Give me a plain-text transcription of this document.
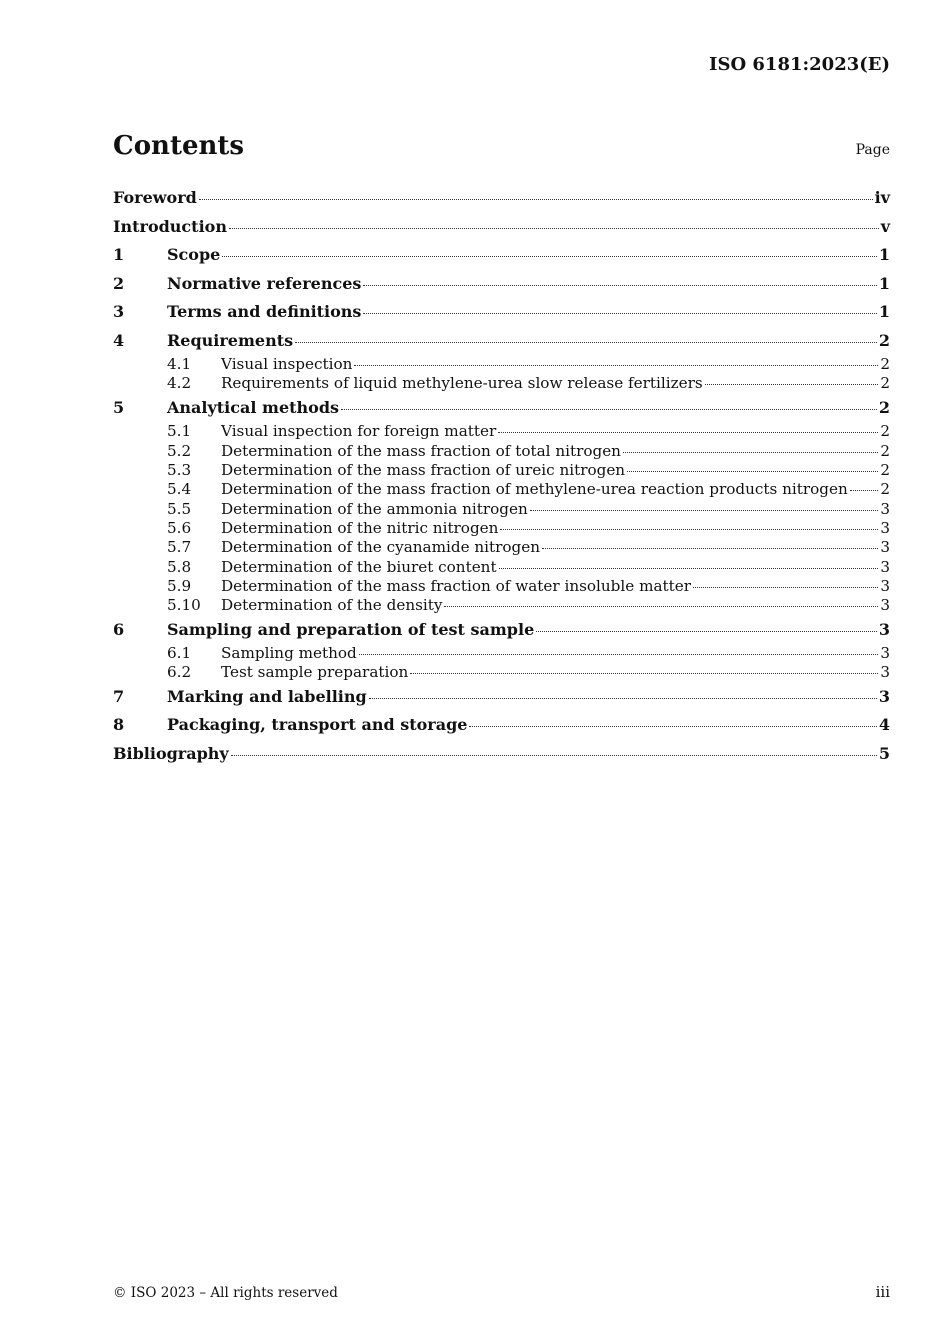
ISO 6181:2023(E)
Contents	Page
Foreword	iv
Introduction	v
1	Scope	1
2	Normative references	1
3	Terms and definitions	1
4	Requirements	2
4.1	Visual inspection	2
4.2	Requirements of liquid methylene-urea slow release fertilizers	2
5	Analytical methods	2
5.1	Visual inspection for foreign matter	2
5.2	Determination of the mass fraction of total nitrogen	2
5.3	Determination of the mass fraction of ureic nitrogen	2
5.4	Determination of the mass fraction of methylene-urea reaction products nitrogen 2
5.5	Determination of the ammonia nitrogen	3
5.6	Determination of the nitric nitrogen	3
5.7	Determination of the cyanamide nitrogen	3
5.8	Determination of the biuret content	3
5.9	Determination of the mass fraction of water insoluble matter	3
5.10	Determination of the density	3
6	Sampling and preparation of test sample	3
6.1	Sampling method	3
6.2	Test sample preparation	3
7	Marking and labelling	3
8	Packaging, transport and storage	4
Bibliography	5
© ISO 2023 – All rights reserved	iii
